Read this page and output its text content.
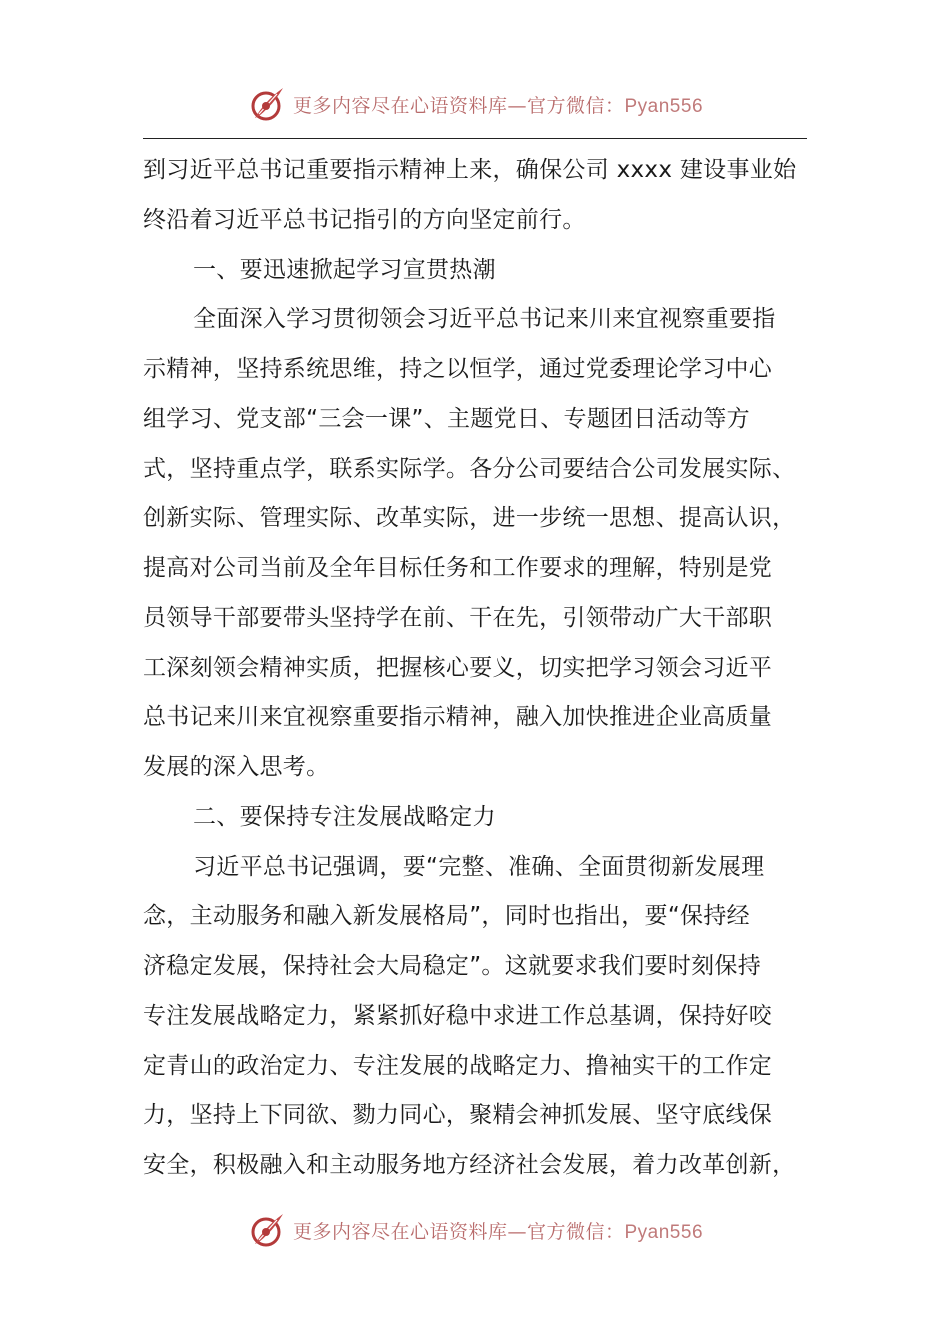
更多内容尽在心语资料库—官方微信：Pyan556
到习近平总书记重要指示精神上来，确保公司 xxxx 建设事业始
终沿着习近平总书记指引的方向坚定前行。
一、要迅速掀起学习宣贯热潮
全面深入学习贯彻领会习近平总书记来川来宜视察重要指
示精神，坚持系统思维，持之以恒学，通过党委理论学习中心
组学习、党支部“三会一课”、主题党日、专题团日活动等方
式，坚持重点学，联系实际学。各分公司要结合公司发展实际、
创新实际、管理实际、改革实际，进一步统一思想、提高认识，
提高对公司当前及全年目标任务和工作要求的理解，特别是党
员领导干部要带头坚持学在前、干在先，引领带动广大干部职
工深刻领会精神实质，把握核心要义，切实把学习领会习近平
总书记来川来宜视察重要指示精神，融入加快推进企业高质量
发展的深入思考。
二、要保持专注发展战略定力
习近平总书记强调，要“完整、准确、全面贯彻新发展理
念，主动服务和融入新发展格局”，同时也指出，要“保持经
济稳定发展，保持社会大局稳定”。这就要求我们要时刻保持
专注发展战略定力，紧紧抓好稳中求进工作总基调，保持好咬
定青山的政治定力、专注发展的战略定力、撸袖实干的工作定
力，坚持上下同欲、勠力同心，聚精会神抓发展、坚守底线保
安全，积极融入和主动服务地方经济社会发展，着力改革创新，
更多内容尽在心语资料库—官方微信：Pyan556
